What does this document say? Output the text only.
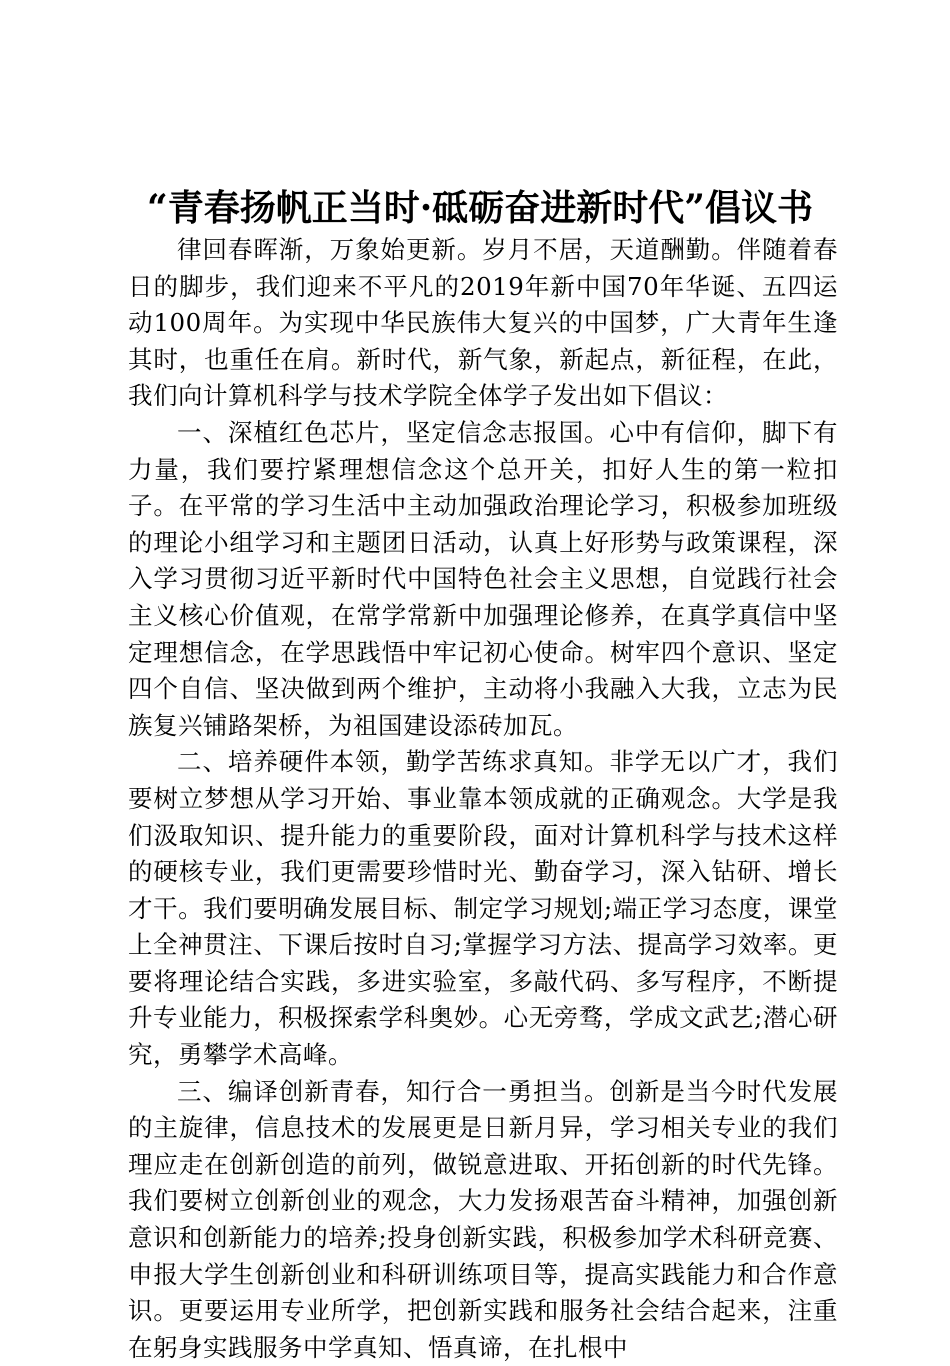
“青春扬帆正当时·砥砺奋进新时代”倡议书

律回春晖渐，万象始更新。岁月不居，天道酬勤。伴随着春日的脚步，我们迎来不平凡的2019年新中国70年华诞、五四运动100周年。为实现中华民族伟大复兴的中国梦，广大青年生逢其时，也重任在肩。新时代，新气象，新起点，新征程，在此，我们向计算机科学与技术学院全体学子发出如下倡议：

一、深植红色芯片，坚定信念志报国。心中有信仰，脚下有力量，我们要拧紧理想信念这个总开关，扣好人生的第一粒扣子。在平常的学习生活中主动加强政治理论学习，积极参加班级的理论小组学习和主题团日活动，认真上好形势与政策课程，深入学习贯彻习近平新时代中国特色社会主义思想，自觉践行社会主义核心价值观，在常学常新中加强理论修养，在真学真信中坚定理想信念，在学思践悟中牢记初心使命。树牢四个意识、坚定四个自信、坚决做到两个维护，主动将小我融入大我，立志为民族复兴铺路架桥，为祖国建设添砖加瓦。

二、培养硬件本领，勤学苦练求真知。非学无以广才，我们要树立梦想从学习开始、事业靠本领成就的正确观念。大学是我们汲取知识、提升能力的重要阶段，面对计算机科学与技术这样的硬核专业，我们更需要珍惜时光、勤奋学习，深入钻研、增长才干。我们要明确发展目标、制定学习规划;端正学习态度，课堂上全神贯注、下课后按时自习;掌握学习方法、提高学习效率。更要将理论结合实践，多进实验室，多敲代码、多写程序，不断提升专业能力，积极探索学科奥妙。心无旁骛，学成文武艺;潜心研究，勇攀学术高峰。

三、编译创新青春，知行合一勇担当。创新是当今时代发展的主旋律，信息技术的发展更是日新月异，学习相关专业的我们理应走在创新创造的前列，做锐意进取、开拓创新的时代先锋。我们要树立创新创业的观念，大力发扬艰苦奋斗精神，加强创新意识和创新能力的培养;投身创新实践，积极参加学术科研竞赛、申报大学生创新创业和科研训练项目等，提高实践能力和合作意识。更要运用专业所学，把创新实践和服务社会结合起来，注重在躬身实践服务中学真知、悟真谛，在扎根中
